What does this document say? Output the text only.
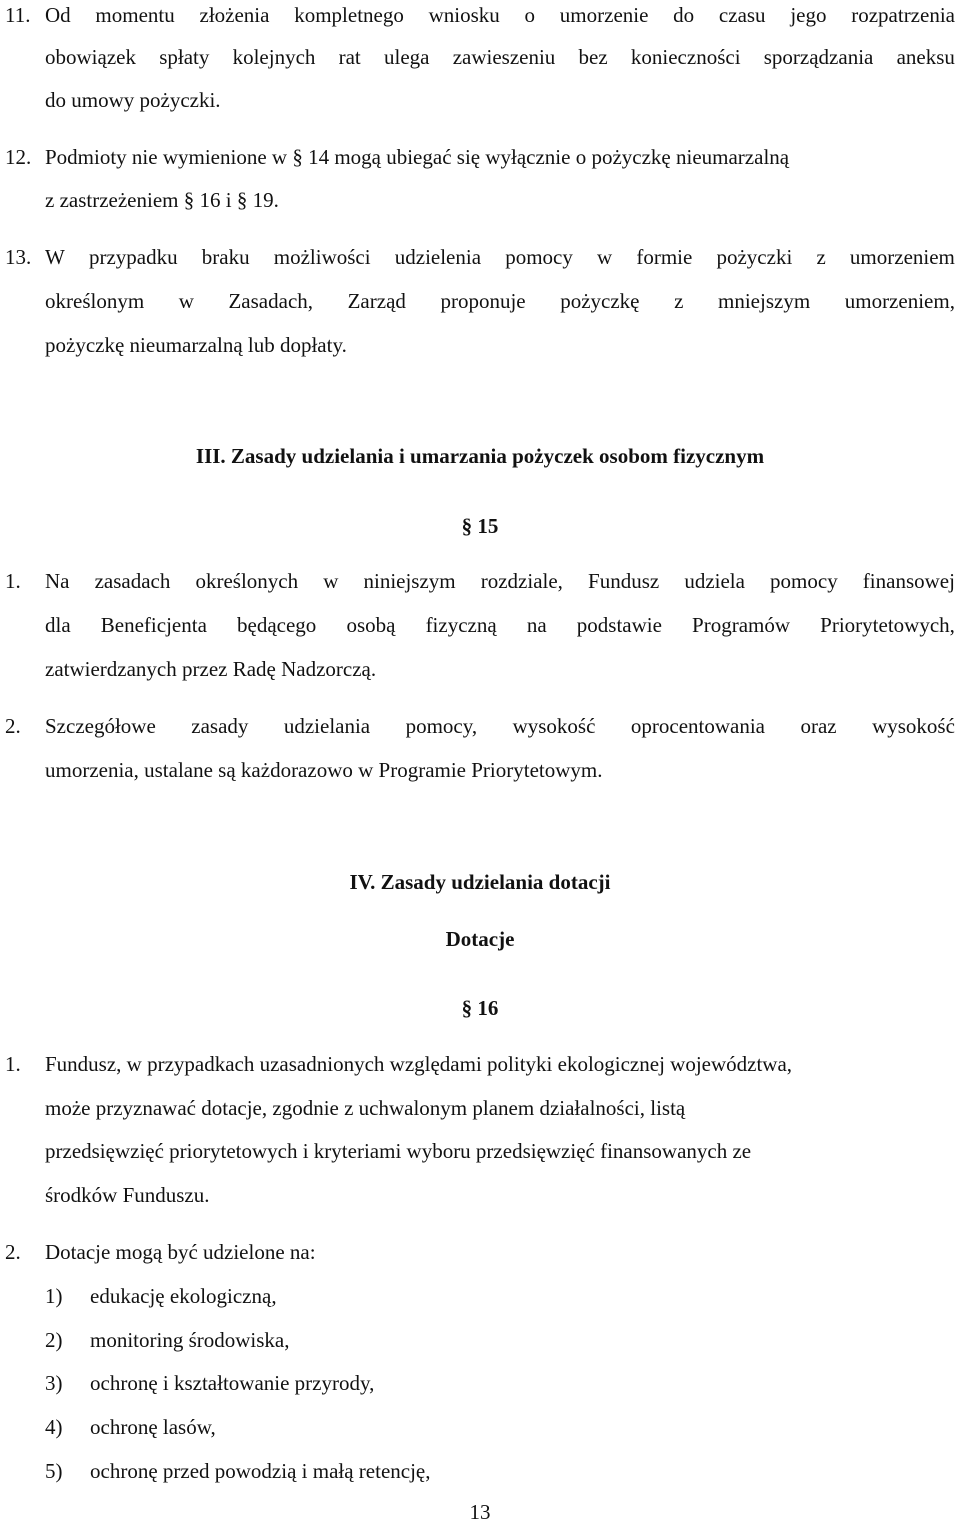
11. Od momentu złożenia kompletnego wniosku o umorzenie do czasu jego rozpatrzenia
obowiązek spłaty kolejnych rat ulega zawieszeniu bez konieczności sporządzania aneksu
do umowy pożyczki.
12. Podmioty nie wymienione w § 14 mogą ubiegać się wyłącznie o pożyczkę nieumarzalną
z zastrzeżeniem § 16 i § 19.
13. W przypadku braku możliwości udzielenia pomocy w formie pożyczki z umorzeniem
określonym w Zasadach, Zarząd proponuje pożyczkę z mniejszym umorzeniem,
pożyczkę nieumarzalną lub dopłaty.
III. Zasady udzielania i umarzania pożyczek osobom fizycznym
§ 15
1. Na zasadach określonych w niniejszym rozdziale, Fundusz udziela pomocy finansowej
dla Beneficjenta będącego osobą fizyczną na podstawie Programów Priorytetowych,
zatwierdzanych przez Radę Nadzorczą.
2. Szczegółowe zasady udzielania pomocy, wysokość oprocentowania oraz wysokość
umorzenia, ustalane są każdorazowo w Programie Priorytetowym.
IV. Zasady udzielania dotacji
Dotacje
§ 16
1. Fundusz, w przypadkach uzasadnionych względami polityki ekologicznej województwa,
może przyznawać dotacje, zgodnie z uchwalonym planem działalności, listą
przedsięwzięć priorytetowych i kryteriami wyboru przedsięwzięć finansowanych ze
środków Funduszu.
2. Dotacje mogą być udzielone na:
1) edukację ekologiczną,
2) monitoring środowiska,
3) ochronę i kształtowanie przyrody,
4) ochronę lasów,
5) ochronę przed powodzią i małą retencję,
13
